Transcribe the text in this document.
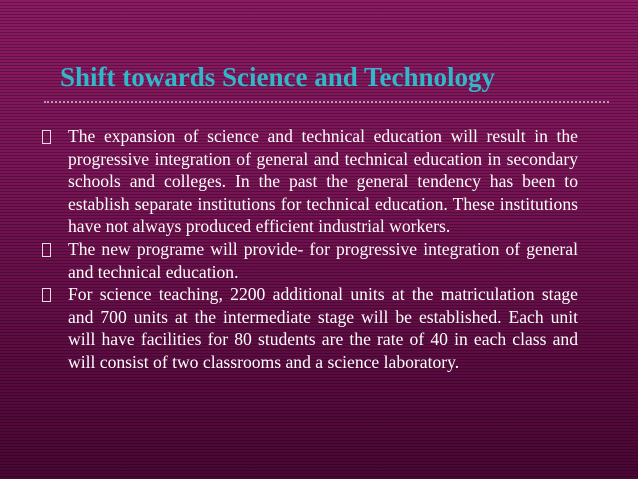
Shift towards Science and Technology
The expansion of science and technical education will result in the progressive integration of general and technical education in secondary schools and colleges. In the past the general tendency has been to establish separate institutions for technical education. These institutions have not always produced efficient industrial workers.
The new programe will provide- for progressive integration of general and technical education.
For science teaching, 2200 additional units at the matriculation stage and 700 units at the intermediate stage will be established. Each unit will have facilities for 80 students are the rate of 40 in each class and will consist of two classrooms and a science laboratory.
